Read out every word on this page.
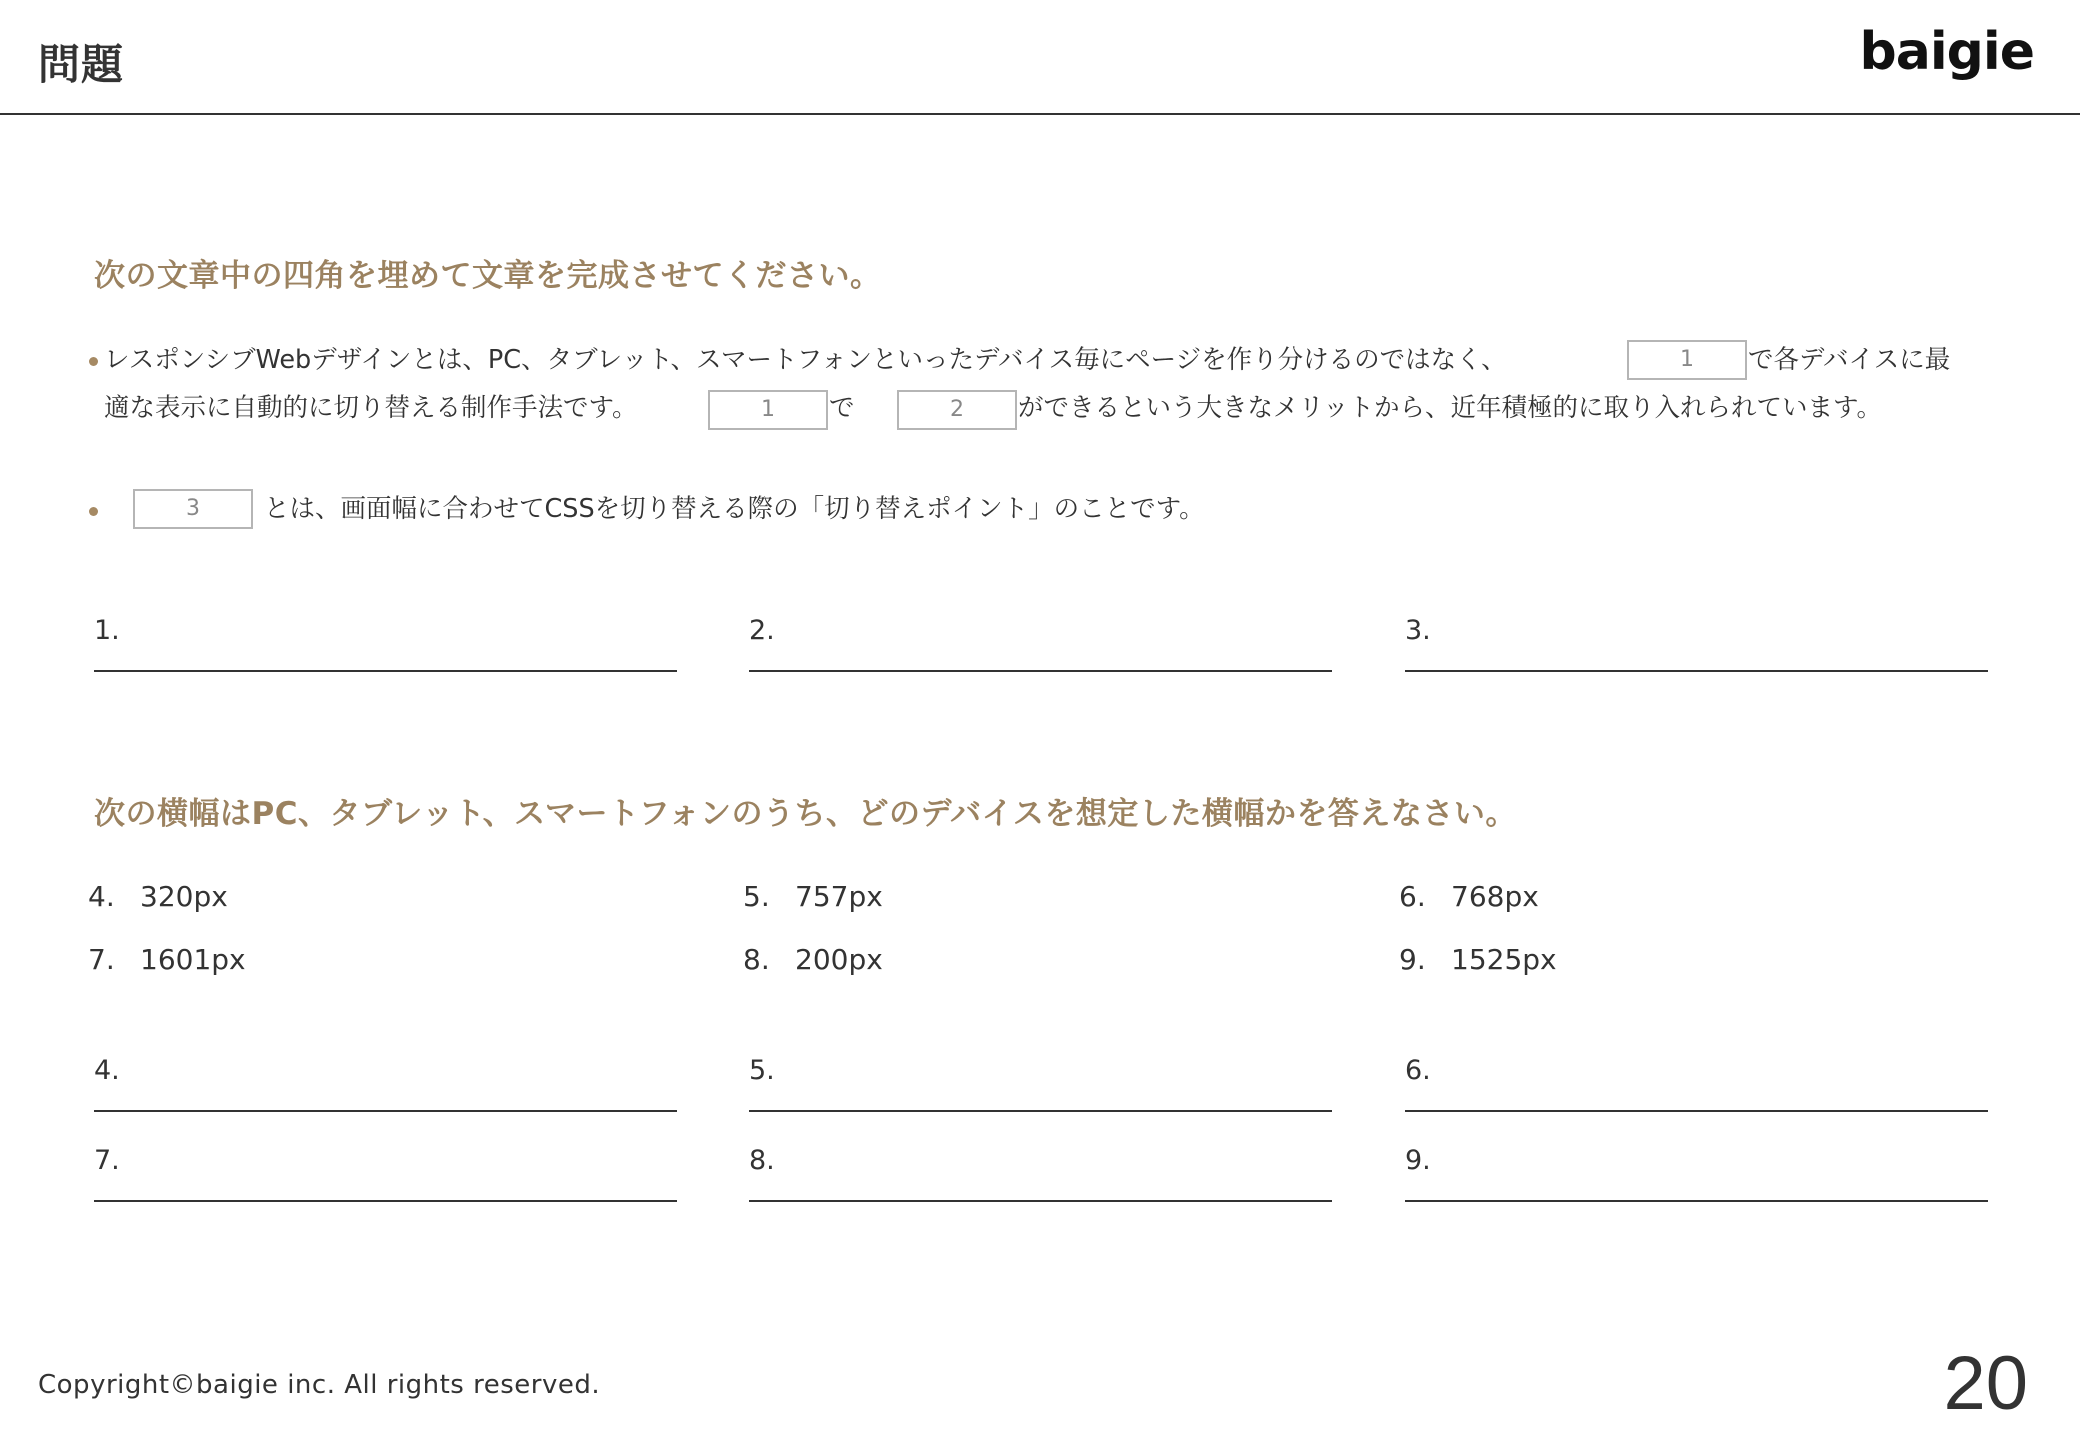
問題	baigie
次の文章中の四角を埋めて文章を完成させてください。
レスポンシブWebデザインとは、PC、タブレット、スマートフォンといったデバイス毎にページを作り分けるのではなく、	1	で各デバイスに最
適な表示に自動的に切り替える制作手法です。	1	で	2	ができるという大きなメリットから、近年積極的に取り入れられています。
3	とは、画面幅に合わせてCSSを切り替える際の「切り替えポイント」のことです。
1.	2.	3.
次の横幅はPC、タブレット、スマートフォンのうち、どのデバイスを想定した横幅かを答えなさい。
4. 320px	5. 757px	6. 768px
7. 1601px	8. 200px	9. 1525px
4.	5.	6.
7.	8.	9.
Copyright©baigie inc. All rights reserved.	20
